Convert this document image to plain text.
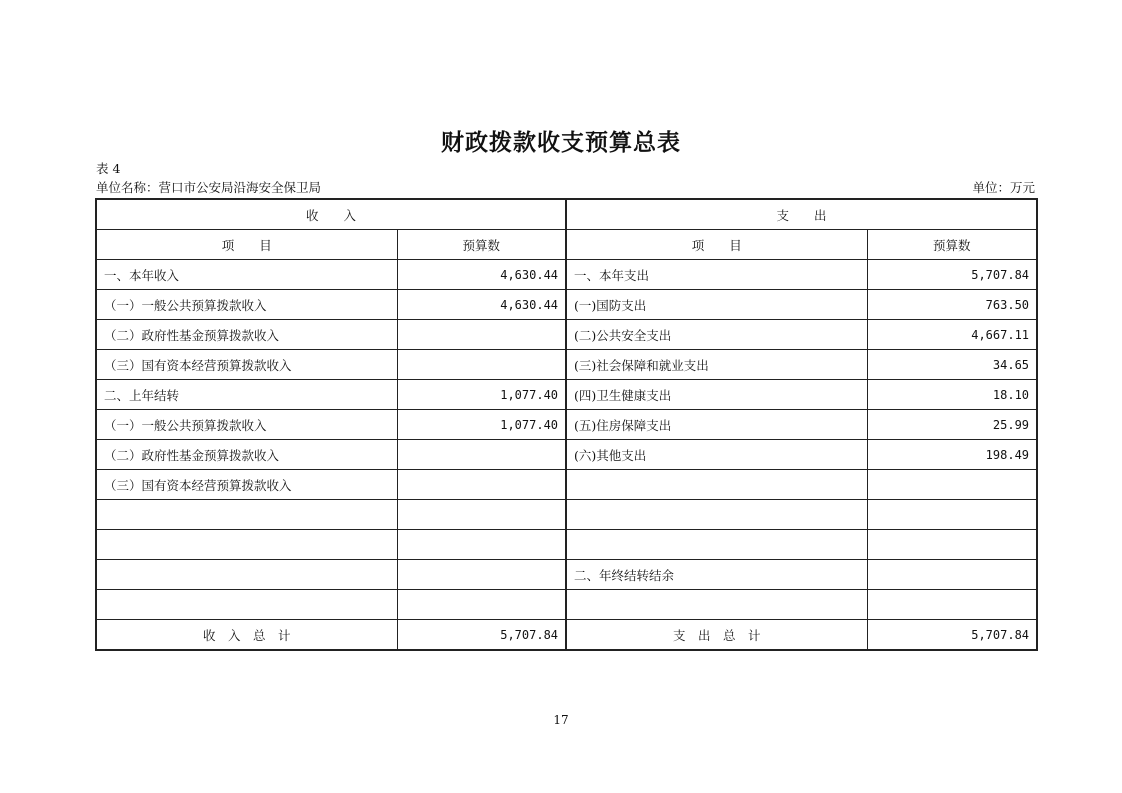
财政拨款收支预算总表
表 4
单位名称：营口市公安局沿海安全保卫局	单位：万元
收　　入		支　　出	
项　　目	预算数	项　　目	预算数
一、本年收入	4,630.44	一、本年支出	5,707.84
（一）一般公共预算拨款收入	4,630.44	(一)国防支出	763.50
（二）政府性基金预算拨款收入		(二)公共安全支出	4,667.11
（三）国有资本经营预算拨款收入		(三)社会保障和就业支出	34.65
二、上年结转	1,077.40	(四)卫生健康支出	18.10
（一）一般公共预算拨款收入	1,077.40	(五)住房保障支出	25.99
（二）政府性基金预算拨款收入		(六)其他支出	198.49
（三）国有资本经营预算拨款收入			

		二、年终结转结余	

收　入　总　计	5,707.84	支　出　总　计	5,707.84
17
